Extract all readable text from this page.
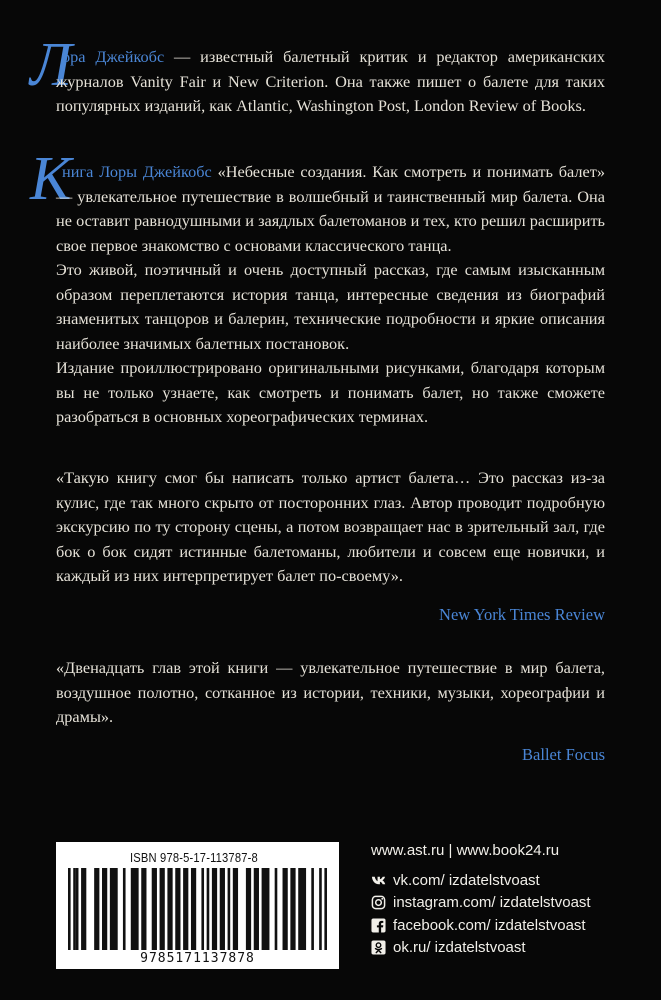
Л

ора Джейкобс — известный балетный критик и редактор американских журналов Vanity Fair и New Criterion. Она также пишет о балете для таких популярных изданий, как Atlantic, Washington Post, London Review of Books.

К

нига Лоры Джейкобс «Небесные создания. Как смотреть и понимать балет» — увлекательное путешествие в волшебный и таинственный мир балета. Она не оставит равнодушными и заядлых балетоманов и тех, кто решил расширить свое первое знакомство с основами классического танца.

Это живой, поэтичный и очень доступный рассказ, где самым изысканным образом переплетаются история танца, интересные сведения из биографий знаменитых танцоров и балерин, технические подробности и яркие описания наиболее значимых балетных постановок.

Издание проиллюстрировано оригинальными рисунками, благодаря которым вы не только узнаете, как смотреть и понимать балет, но также сможете разобраться в основных хореографических терминах.

«Такую книгу смог бы написать только артист балета… Это рассказ из-за кулис, где так много скрыто от посторонних глаз. Автор проводит подробную экскурсию по ту сторону сцены, а потом возвращает нас в зрительный зал, где бок о бок сидят истинные балетоманы, любители и совсем еще новички, и каждый из них интерпретирует балет по-своему».

New York Times Review

«Двенадцать глав этой книги — увлекательное путешествие в мир балета, воздушное полотно, сотканное из истории, техники, музыки, хореографии и драмы».

Ballet Focus
ISBN 978-5-17-113787-8
9785171137878
www.ast.ru | www.book24.ru
vk.com/ izdatelstvoast
instagram.com/ izdatelstvoast
facebook.com/ izdatelstvoast
ok.ru/ izdatelstvoast
